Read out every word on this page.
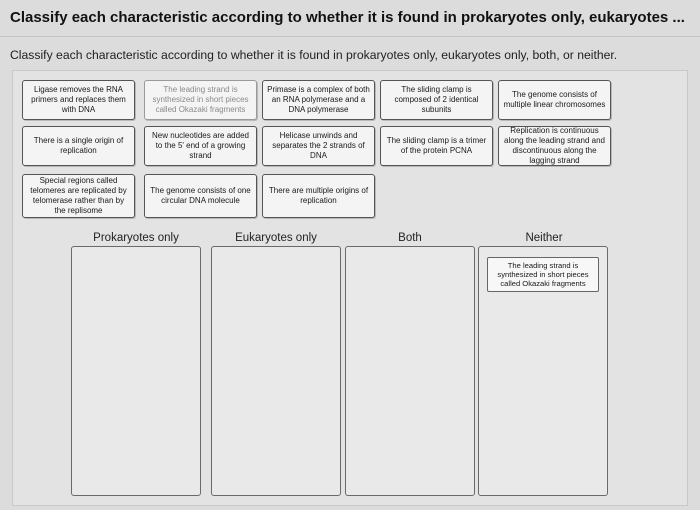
Classify each characteristic according to whether it is found in prokaryotes only, eukaryotes ...
Classify each characteristic according to whether it is found in prokaryotes only, eukaryotes only, both, or neither.
Ligase removes the RNA primers and replaces them with DNA
The leading strand is synthesized in short pieces called Okazaki fragments
Primase is a complex of both an RNA polymerase and a DNA polymerase
The sliding clamp is composed of 2 identical subunits
The genome consists of multiple linear chromosomes
There is a single origin of replication
New nucleotides are added to the 5' end of a growing strand
Helicase unwinds and separates the 2 strands of DNA
The sliding clamp is a trimer of the protein PCNA
Replication is continuous along the leading strand and discontinuous along the lagging strand
Special regions called telomeres are replicated by telomerase rather than by the replisome
The genome consists of one circular DNA molecule
There are multiple origins of replication
Prokaryotes only	Eukaryotes only	Both	Neither
The leading strand is synthesized in short pieces called Okazaki fragments
